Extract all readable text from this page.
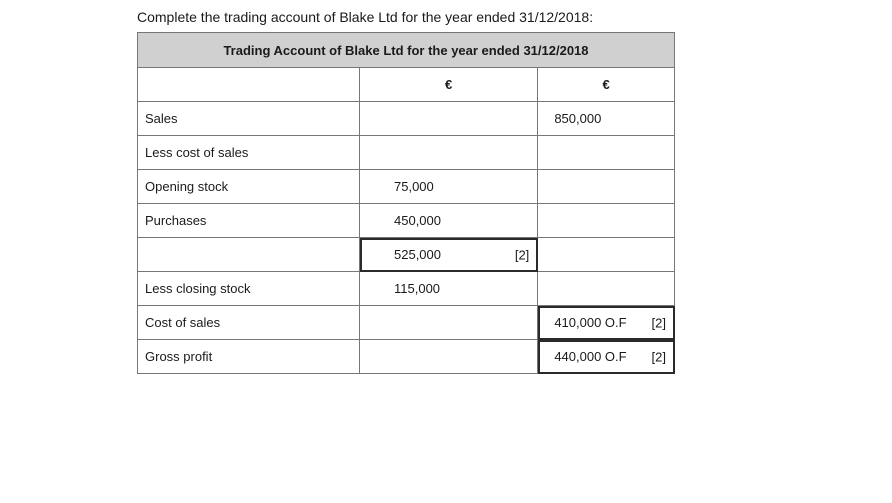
Complete the trading account of Blake Ltd for the year ended 31/12/2018:
Trading Account of Blake Ltd for the year ended 31/12/2018		
	€	€
Sales		850,000
Less cost of sales		
Opening stock	75,000	
Purchases	450,000	
	525,000 [2]	

Less closing stock	115,000	
Cost of sales		410,000 O.F [2]

Gross profit		440,000 O.F [2]
